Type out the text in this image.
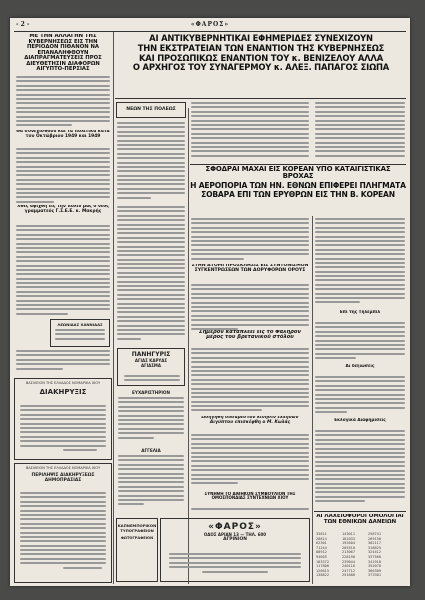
- 2 -	«ΦΑΡΟΣ»
ΜΕ ΤΗΝ ΑΛΛΑΓΗΝ ΤΗΣ ΚΥΒΕΡΝΗΣΕΩΣ ΕΙΣ ΤΗΝ ΠΕΡΙΟΔΟΝ ΠΙΘΑΝΟΝ ΝΑ ΕΠΑΝΑΛΗΦΘΟΥΝ ΔΙΑΠΡΑΓΜΑΤΕΥΣΕΙΣ ΠΡΟΣ ΔΙΕΥΘΕΤΗΣΙΝ ΔΙΑΦΟΡΩΝ ΑΙΓΥΠΤΟ-ΠΕΡΣΙΑΣ
Θα συνεχισθούν και τα πολιτικά κατά τον Οκτώβριον 1949 και 1949
Χθες αφιχθη εις την πόλιν μας ο νέος γραμματεύς Γ.Σ.Ε.Ε. κ. Μακρής
ΛΕΩΝΙΔΑΣ ΧΑΝΝΙΔΑΣ
ΒΑΣΙΛΕΙΟΝ ΤΗΣ ΕΛΛΑΔΟΣ ΝΟΜΑΡΧΙΑ ΧΙΟΥ
ΔΙΑΚΗΡΥΞΙΣ
ΒΑΣΙΛΕΙΟΝ ΤΗΣ ΕΛΛΑΔΟΣ ΝΟΜΑΡΧΙΑ ΧΙΟΥ
ΠΕΡΙΛΗΨΙΣ ΔΙΑΚΗΡΥΞΕΩΣ ΔΗΜΟΠΡΑΣΙΑΣ
ΑΙ ΑΝΤΙΚΥΒΕΡΝΗΤΙΚΑΙ ΕΦΗΜΕΡΙΔΕΣ ΣΥΝΕΧΙΖΟΥΝ
ΤΗΝ ΕΚΣΤΡΑΤΕΙΑΝ ΤΩΝ ΕΝΑΝΤΙΟΝ ΤΗΣ ΚΥΒΕΡΝΗΣΕΩΣ
ΚΑΙ ΠΡΟΣΩΠΙΚΩΣ ΕΝΑΝΤΙΟΝ ΤΟΥ κ. ΒΕΝΙΖΕΛΟΥ ΑΛΛΑ
Ο ΑΡΧΗΓΟΣ ΤΟΥ ΣΥΝΑΓΕΡΜΟΥ κ. ΑΛΕΞ. ΠΑΠΑΓΟΣ ΣΙΩΠΑ
ΝΕΩΝ ΤΗΣ ΠΟΛΕΩΣ
ΣΦΟΔΡΑΙ ΜΑΧΑΙ ΕΙΣ ΚΟΡΕΑΝ ΥΠΟ ΚΑΤΑΙΓΙΣΤΙΚΑΣ ΒΡΟΧΑΣ
Η ΑΕΡΟΠΟΡΙΑ ΤΩΝ ΗΝ. ΕΘΝΩΝ ΕΠΙΦΕΡΕΙ ΠΛΗΓΜΑΤΑ
ΣΟΒΑΡΑ ΕΠΙ ΤΩΝ ΕΡΥΘΡΩΝ ΕΙΣ ΤΗΝ Β. ΚΟΡΕΑΝ
ΠΑΝΗΓΥΡΙΣ
ΑΓΙΑΣ ΚΑΡΥΑΣ
ΑΓΙΑΣΜΑ
ΕΥΧΑΡΙΣΤΗΡΙΟΝ
ΑΓΓΕΛΙΑ
ΚΑΠΝΕΜΠΟΡΙΚΟΝ ΤΥΠΟΓΡΑΦΕΙΟΝ
ΦΩΤΟΓΡΑΦΕΙΟΝ
«ΦΑΡΟΣ»
ΟΔΟΣ ΑΡΙΑΝ 13 — ΤΗΛ. 600
ΑΓΡΙΝΙΟΝ
ΣΤΗΝ ΑΤΟΜΙ ΠΡΟΣΚΛΗΣΙΣ ΕΙΣ ΣΥΝΤΟΝΙΣΜΟΝ ΣΥΓΚΕΝΤΡΩΣΕΩΝ ΤΩΝ ΔΟΡΥΦΟΡΩΝ ΟΡΟΥΣ
Σήμερον κατάπλεει εις το Φάληρον μέρος του βρετανικού στόλου
Ωδηγήθη δυσάρεστον κίνησιν ελλήνων Αιγύπτου επισκέφθη ο Μ. Κωλάς
ΣΥΝΗΘΗ ΤΟ ΔΙΘΗΚΟΝ ΣΥΜΒΟΥΛΙΟΝ ΤΗΣ ΟΜΟΣΠΟΝΔΙΑΣ ΣΥΝΤΕΧΝΙΩΝ ΧΙΟΥ
Επί της Τηλεμπίλ
Αι δεξιώσεις
Εκλογικά Διαφημίσεις
ΑΙ ΛΑΧΕΙΟΦΟΡΟΙ ΟΜΟΛΟΓΙΑΙ ΤΩΝ ΕΘΝΙΚΩΝ ΔΑΝΕΙΩΝ
35811	143011	258741
28814	181033	269150
62301	192604	302117
71244	205518	318825
88912	213067	324412
94055	228190	337560
103372	239044	341918
117808	240116	352070
126615	247712	366309
138822	251680	373301
